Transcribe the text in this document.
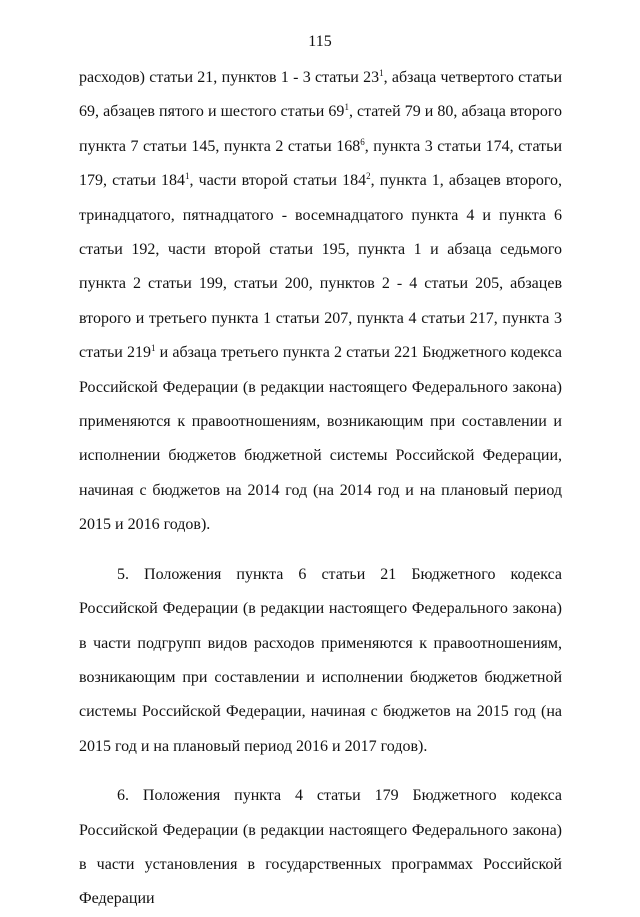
115

расходов) статьи 21, пунктов 1 - 3 статьи $23^1$, абзаца четвертого статьи 69, абзацев пятого и шестого статьи $69^1$, статей 79 и 80, абзаца второго пункта 7 статьи 145, пункта 2 статьи $168^6$, пункта 3 статьи 174, статьи 179, статьи $184^1$, части второй статьи $184^2$, пункта 1, абзацев второго, тринадцатого, пятнадцатого - восемнадцатого пункта 4 и пункта 6 статьи 192, части второй статьи 195, пункта 1 и абзаца седьмого пункта 2 статьи 199, статьи 200, пунктов 2 - 4 статьи 205, абзацев второго и третьего пункта 1 статьи 207, пункта 4 статьи 217, пункта 3 статьи $219^1$ и абзаца третьего пункта 2 статьи 221 Бюджетного кодекса Российской Федерации (в редакции настоящего Федерального закона) применяются к правоотношениям, возникающим при составлении и исполнении бюджетов бюджетной системы Российской Федерации, начиная с бюджетов на 2014 год (на 2014 год и на плановый период 2015 и 2016 годов).

5. Положения пункта 6 статьи 21 Бюджетного кодекса Российской Федерации (в редакции настоящего Федерального закона) в части подгрупп видов расходов применяются к правоотношениям, возникающим при составлении и исполнении бюджетов бюджетной системы Российской Федерации, начиная с бюджетов на 2015 год (на 2015 год и на плановый период 2016 и 2017 годов).

6. Положения пункта 4 статьи 179 Бюджетного кодекса Российской Федерации (в редакции настоящего Федерального закона) в части установления в государственных программах Российской Федерации
